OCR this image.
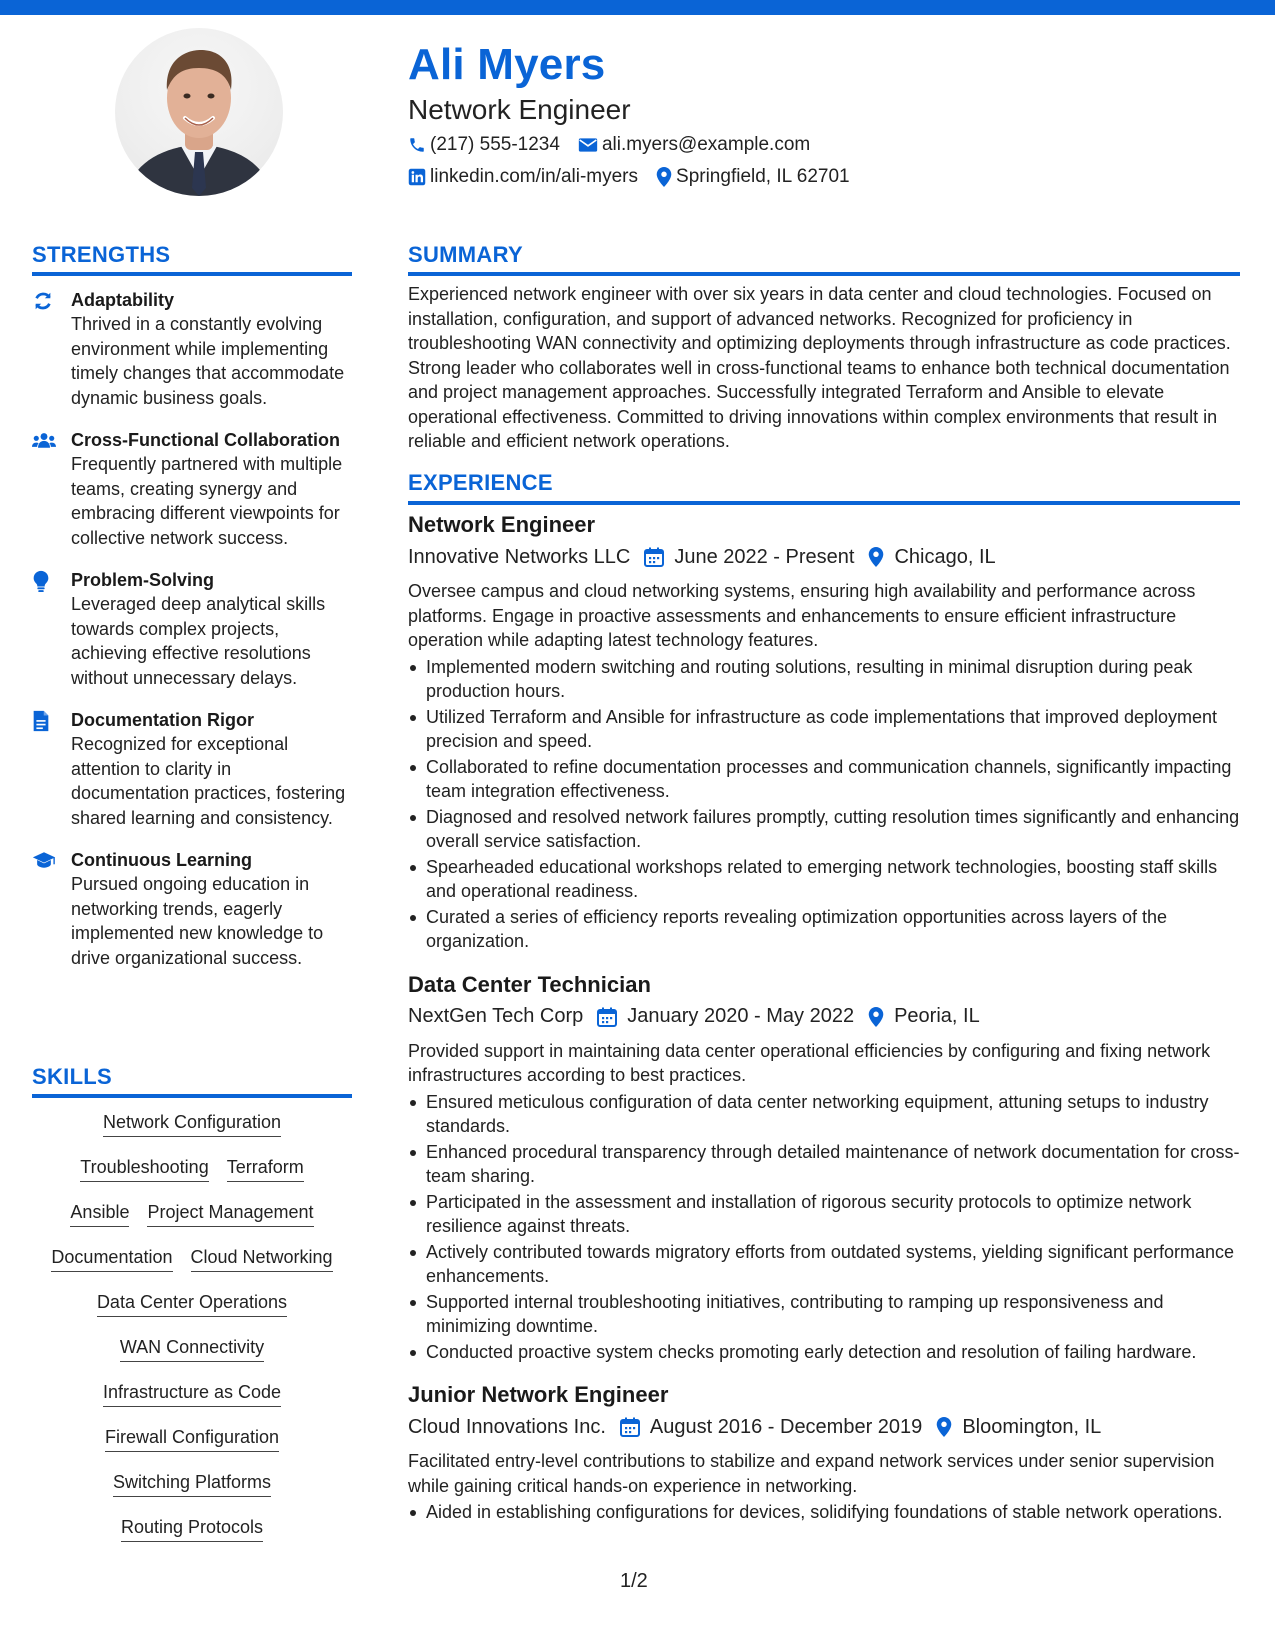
Ali Myers
Network Engineer
(217) 555-1234 ali.myers@example.com
linkedin.com/in/ali-myers Springfield, IL 62701
STRENGTHS
Adaptability
Thrived in a constantly evolving environment while implementing timely changes that accommodate dynamic business goals.
Cross-Functional Collaboration
Frequently partnered with multiple teams, creating synergy and embracing different viewpoints for collective network success.
Problem-Solving
Leveraged deep analytical skills towards complex projects, achieving effective resolutions without unnecessary delays.
Documentation Rigor
Recognized for exceptional attention to clarity in documentation practices, fostering shared learning and consistency.
Continuous Learning
Pursued ongoing education in networking trends, eagerly implemented new knowledge to drive organizational success.
SKILLS
Network Configuration
Troubleshooting Terraform
Ansible Project Management
Documentation Cloud Networking
Data Center Operations
WAN Connectivity
Infrastructure as Code
Firewall Configuration
Switching Platforms
Routing Protocols
SUMMARY
Experienced network engineer with over six years in data center and cloud technologies. Focused on installation, configuration, and support of advanced networks. Recognized for proficiency in troubleshooting WAN connectivity and optimizing deployments through infrastructure as code practices. Strong leader who collaborates well in cross-functional teams to enhance both technical documentation and project management approaches. Successfully integrated Terraform and Ansible to elevate operational effectiveness. Committed to driving innovations within complex environments that result in reliable and efficient network operations.
EXPERIENCE
Network Engineer
Innovative Networks LLC June 2022 - Present Chicago, IL
Oversee campus and cloud networking systems, ensuring high availability and performance across platforms. Engage in proactive assessments and enhancements to ensure efficient infrastructure operation while adapting latest technology features.
Implemented modern switching and routing solutions, resulting in minimal disruption during peak production hours.
Utilized Terraform and Ansible for infrastructure as code implementations that improved deployment precision and speed.
Collaborated to refine documentation processes and communication channels, significantly impacting team integration effectiveness.
Diagnosed and resolved network failures promptly, cutting resolution times significantly and enhancing overall service satisfaction.
Spearheaded educational workshops related to emerging network technologies, boosting staff skills and operational readiness.
Curated a series of efficiency reports revealing optimization opportunities across layers of the organization.
Data Center Technician
NextGen Tech Corp January 2020 - May 2022 Peoria, IL
Provided support in maintaining data center operational efficiencies by configuring and fixing network infrastructures according to best practices.
Ensured meticulous configuration of data center networking equipment, attuning setups to industry standards.
Enhanced procedural transparency through detailed maintenance of network documentation for cross-team sharing.
Participated in the assessment and installation of rigorous security protocols to optimize network resilience against threats.
Actively contributed towards migratory efforts from outdated systems, yielding significant performance enhancements.
Supported internal troubleshooting initiatives, contributing to ramping up responsiveness and minimizing downtime.
Conducted proactive system checks promoting early detection and resolution of failing hardware.
Junior Network Engineer
Cloud Innovations Inc. August 2016 - December 2019 Bloomington, IL
Facilitated entry-level contributions to stabilize and expand network services under senior supervision while gaining critical hands-on experience in networking.
Aided in establishing configurations for devices, solidifying foundations of stable network operations.
1/2
